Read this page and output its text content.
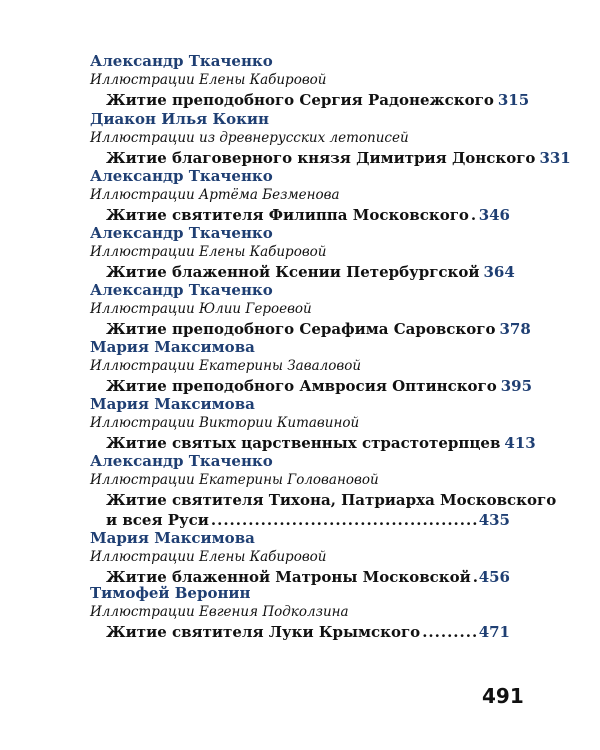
Александр Ткаченко
Иллюстрации Елены Кабировой
Житие преподобного Сергия Радонежского 315
Диакон Илья Кокин
Иллюстрации из древнерусских летописей
Житие благоверного князя Димитрия Донского 331
Александр Ткаченко
Иллюстрации Артёма Безменова
Житие святителя Филиппа Московского ..... 346
Александр Ткаченко
Иллюстрации Елены Кабировой
Житие блаженной Ксении Петербургской 364
Александр Ткаченко
Иллюстрации Юлии Героевой
Житие преподобного Серафима Саровского 378
Мария Максимова
Иллюстрации Екатерины Завaловой
Житие преподобного Амвросия Оптинского 395
Мария Максимова
Иллюстрации Виктории Китавиной
Житие святых царственных страстотерпцев 413
Александр Ткаченко
Иллюстрации Екатерины Головановой
Житие святителя Тихона, Патриарха Московского
и всея Руси .....	435
Мария Максимова
Иллюстрации Елены Кабировой
Житие блаженной Матроны Московской ..... 456
Тимофей Веронин
Иллюстрации Евгения Подколзина
Житие святителя Луки Крымского .....	471
491
